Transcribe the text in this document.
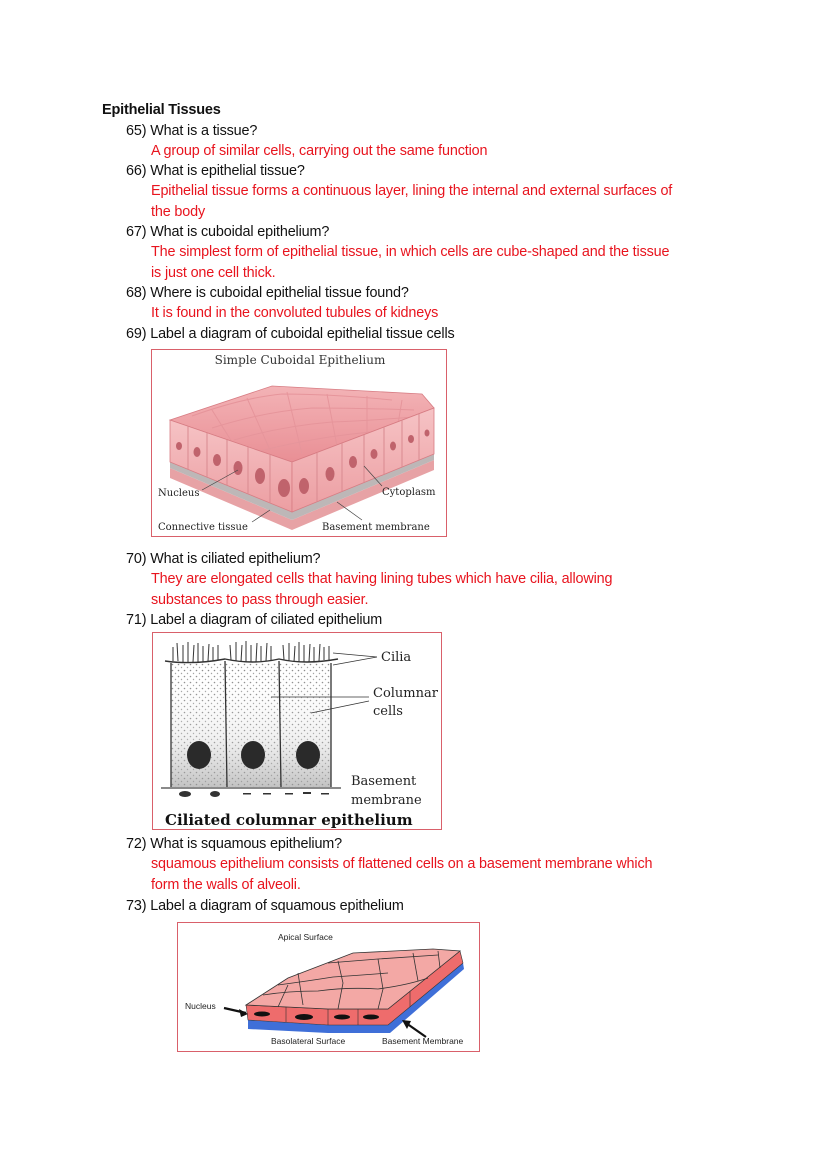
Epithelial Tissues
65) What is a tissue?
A group of similar cells, carrying out the same function
66) What is epithelial tissue?
Epithelial tissue forms a continuous layer, lining the internal and external surfaces of
the body
67) What is cuboidal epithelium?
The simplest form of epithelial tissue, in which cells are cube-shaped and the tissue
is just one cell thick.
68) Where is cuboidal epithelial tissue found?
It is found in the convoluted tubules of kidneys
69) Label a diagram of cuboidal epithelial tissue cells
Simple Cuboidal Epithelium
Nucleus	Cytoplasm
Connective tissue	Basement membrane
70) What is ciliated epithelium?
They are elongated cells that having lining tubes which have cilia, allowing
substances to pass through easier.
71) Label a diagram of ciliated epithelium
Cilia
Columnar
cells
Basement
membrane
Ciliated columnar epithelium
72) What is squamous epithelium?
squamous epithelium consists of flattened cells on a basement membrane which
form the walls of alveoli.
73) Label a diagram of squamous epithelium
Apical Surface
Nucleus
Basolateral Surface	Basement Membrane
